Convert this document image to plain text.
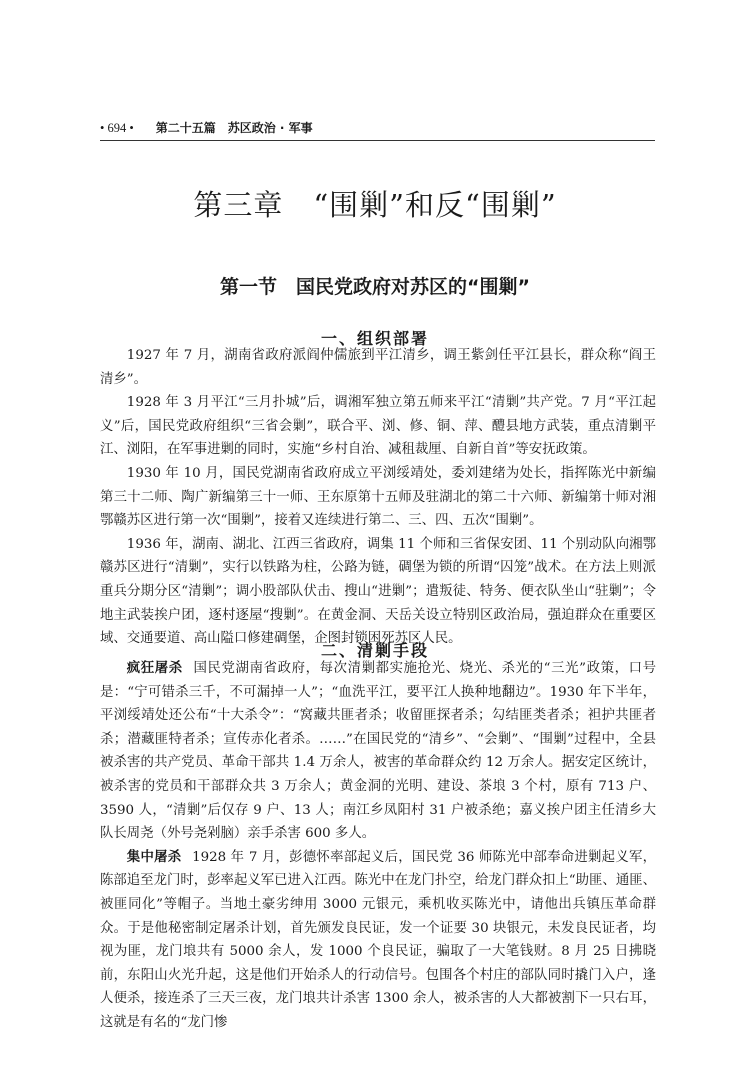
• 694 • 第二十五篇　苏区政治 · 军事
第三章　“围剿”和反“围剿”
第一节　国民党政府对苏区的“围剿”
一、组织部署

1927 年 7 月，湖南省政府派阎仲儒旅到平江清乡，调王紫剑任平江县长，群众称“阎王清乡”。

1928 年 3 月平江“三月扑城”后，调湘军独立第五师来平江“清剿”共产党。7 月“平江起义”后，国民党政府组织“三省会剿”，联合平、浏、修、铜、萍、醴县地方武装，重点清剿平江、浏阳，在军事进剿的同时，实施“乡村自治、减租裁厘、自新自首”等安抚政策。

1930 年 10 月，国民党湖南省政府成立平浏绥靖处，委刘建绪为处长，指挥陈光中新编第三十二师、陶广新编第三十一师、王东原第十五师及驻湖北的第二十六师、新编第十师对湘鄂赣苏区进行第一次“围剿”，接着又连续进行第二、三、四、五次“围剿”。

1936 年，湖南、湖北、江西三省政府，调集 11 个师和三省保安团、11 个别动队向湘鄂赣苏区进行“清剿”，实行以铁路为柱，公路为链，碉堡为锁的所谓“囚笼”战术。在方法上则派重兵分期分区“清剿”；调小股部队伏击、搜山“进剿”；遣叛徒、特务、便衣队坐山“驻剿”；令地主武装挨户团，逐村逐屋“搜剿”。在黄金洞、天岳关设立特别区政治局，强迫群众在重要区域、交通要道、高山隘口修建碉堡，企图封锁困死苏区人民。

二、清剿手段

疯狂屠杀 国民党湖南省政府，每次清剿都实施抢光、烧光、杀光的“三光”政策，口号是：“宁可错杀三千，不可漏掉一人”；“血洗平江，要平江人换种地翻边”。1930 年下半年，平浏绥靖处还公布“十大杀令”：“窝藏共匪者杀；收留匪探者杀；勾结匪类者杀；袒护共匪者杀；潜藏匪特者杀；宣传赤化者杀。……”在国民党的“清乡”、“会剿”、“围剿”过程中，全县被杀害的共产党员、革命干部共 1.4 万余人，被害的革命群众约 12 万余人。据安定区统计，被杀害的党员和干部群众共 3 万余人；黄金洞的光明、建设、茶埌 3 个村，原有 713 户、3590 人，“清剿”后仅存 9 户、13 人；南江乡凤阳村 31 户被杀绝；嘉义挨户团主任清乡大队长周尧（外号尧剁脑）亲手杀害 600 多人。

集中屠杀 1928 年 7 月，彭德怀率部起义后，国民党 36 师陈光中部奉命进剿起义军，陈部追至龙门时，彭率起义军已进入江西。陈光中在龙门扑空，给龙门群众扣上“助匪、通匪、被匪同化”等帽子。当地土豪劣绅用 3000 元银元，乘机收买陈光中，请他出兵镇压革命群众。于是他秘密制定屠杀计划，首先颁发良民证，发一个证要 30 块银元，未发良民证者，均视为匪，龙门埌共有 5000 余人，发 1000 个良民证，骗取了一大笔钱财。8 月 25 日拂晓前，东阳山火光升起，这是他们开始杀人的行动信号。包围各个村庄的部队同时撬门入户，逢人便杀，接连杀了三天三夜，龙门埌共计杀害 1300 余人，被杀害的人大都被割下一只右耳，这就是有名的“龙门惨
